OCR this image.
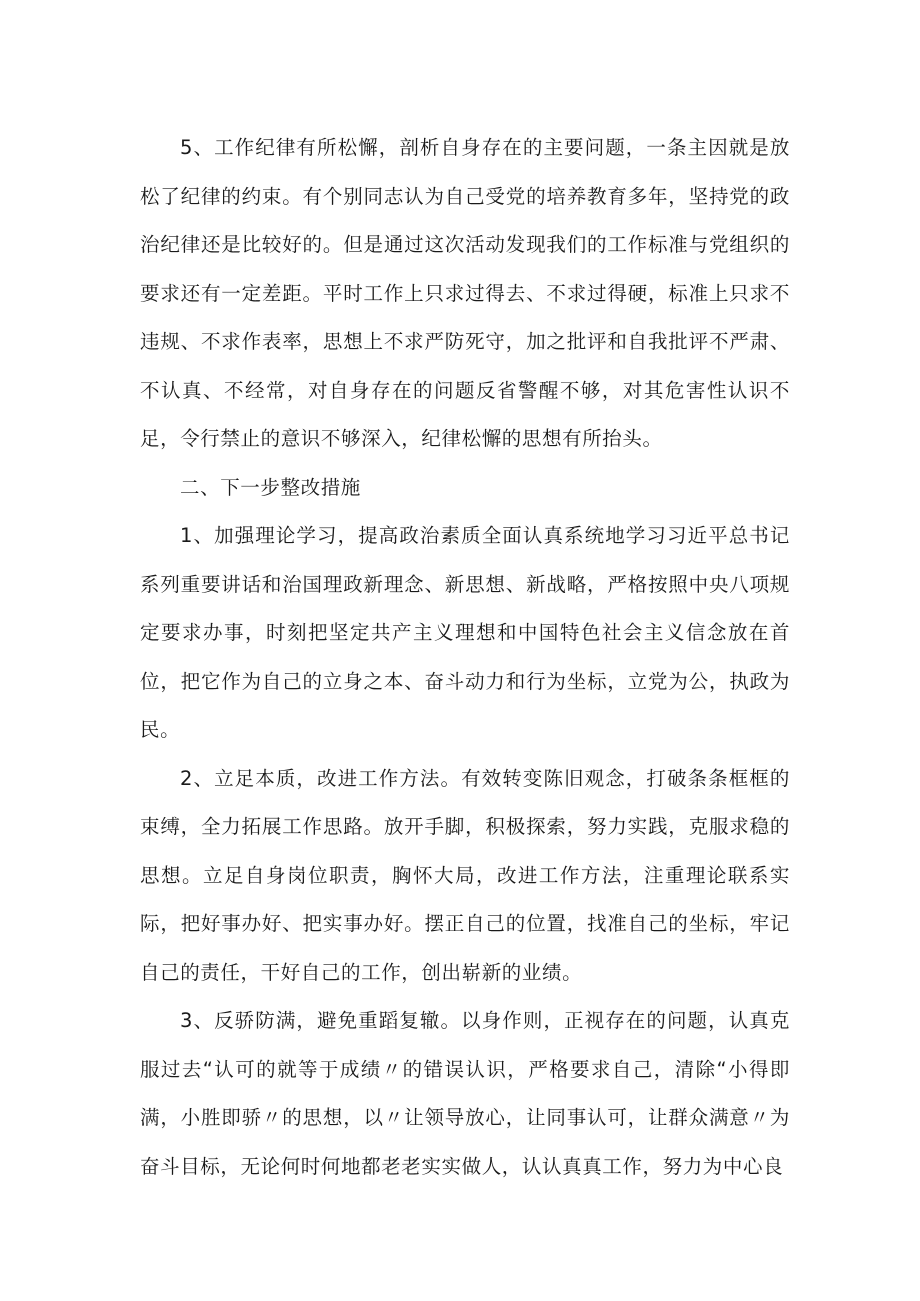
5、工作纪律有所松懈，剖析自身存在的主要问题，一条主因就是放松了纪律的约束。有个别同志认为自己受党的培养教育多年，坚持党的政治纪律还是比较好的。但是通过这次活动发现我们的工作标准与党组织的要求还有一定差距。平时工作上只求过得去、不求过得硬，标准上只求不违规、不求作表率，思想上不求严防死守，加之批评和自我批评不严肃、不认真、不经常，对自身存在的问题反省警醒不够，对其危害性认识不足，令行禁止的意识不够深入，纪律松懈的思想有所抬头。

二、下一步整改措施

1、加强理论学习，提高政治素质全面认真系统地学习习近平总书记系列重要讲话和治国理政新理念、新思想、新战略，严格按照中央八项规定要求办事，时刻把坚定共产主义理想和中国特色社会主义信念放在首位，把它作为自己的立身之本、奋斗动力和行为坐标，立党为公，执政为民。

2、立足本质，改进工作方法。有效转变陈旧观念，打破条条框框的束缚，全力拓展工作思路。放开手脚，积极探索，努力实践，克服求稳的思想。立足自身岗位职责，胸怀大局，改进工作方法，注重理论联系实际，把好事办好、把实事办好。摆正自己的位置，找准自己的坐标，牢记自己的责任，干好自己的工作，创出崭新的业绩。

3、反骄防满，避免重蹈复辙。以身作则，正视存在的问题，认真克服过去“认可的就等于成绩〃的错误认识，严格要求自己，清除“小得即满，小胜即骄〃的思想，以〃让领导放心，让同事认可，让群众满意〃为奋斗目标，无论何时何地都老老实实做人，认认真真工作，努力为中心良
